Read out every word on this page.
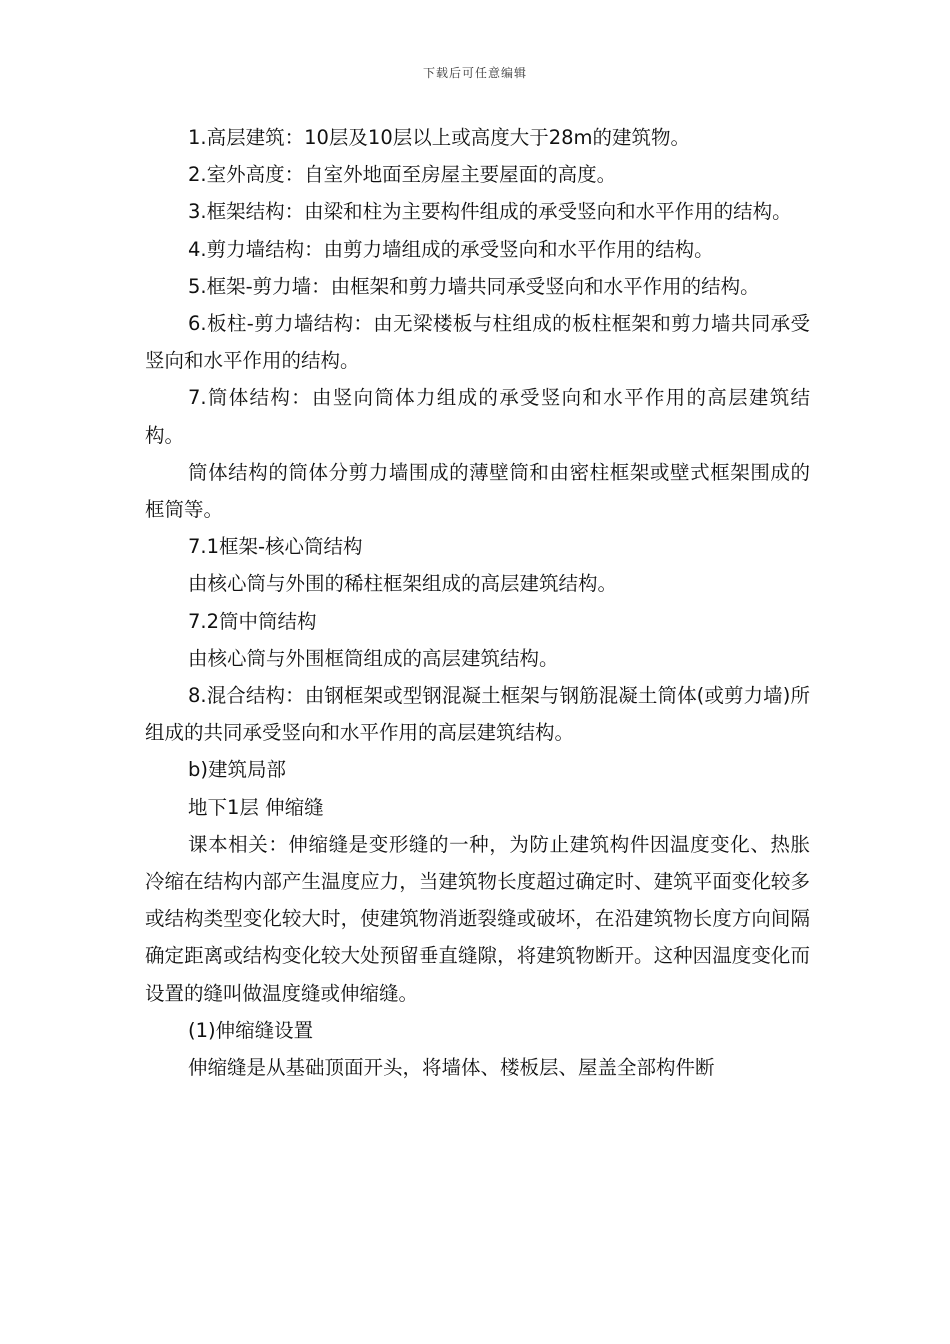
下载后可任意编辑

1.高层建筑：10层及10层以上或高度大于28m的建筑物。

2.室外高度：自室外地面至房屋主要屋面的高度。

3.框架结构：由梁和柱为主要构件组成的承受竖向和水平作用的结构。

4.剪力墙结构：由剪力墙组成的承受竖向和水平作用的结构。

5.框架-剪力墙：由框架和剪力墙共同承受竖向和水平作用的结构。

6.板柱-剪力墙结构：由无梁楼板与柱组成的板柱框架和剪力墙共同承受竖向和水平作用的结构。

7.筒体结构：由竖向筒体力组成的承受竖向和水平作用的高层建筑结构。

筒体结构的筒体分剪力墙围成的薄壁筒和由密柱框架或壁式框架围成的框筒等。

7.1框架-核心筒结构

由核心筒与外围的稀柱框架组成的高层建筑结构。

7.2筒中筒结构

由核心筒与外围框筒组成的高层建筑结构。

8.混合结构：由钢框架或型钢混凝土框架与钢筋混凝土筒体(或剪力墙)所组成的共同承受竖向和水平作用的高层建筑结构。

b)建筑局部

地下1层 伸缩缝

课本相关：伸缩缝是变形缝的一种，为防止建筑构件因温度变化、热胀冷缩在结构内部产生温度应力，当建筑物长度超过确定时、建筑平面变化较多或结构类型变化较大时，使建筑物消逝裂缝或破坏，在沿建筑物长度方向间隔确定距离或结构变化较大处预留垂直缝隙，将建筑物断开。这种因温度变化而设置的缝叫做温度缝或伸缩缝。

(1)伸缩缝设置

伸缩缝是从基础顶面开头，将墙体、楼板层、屋盖全部构件断
